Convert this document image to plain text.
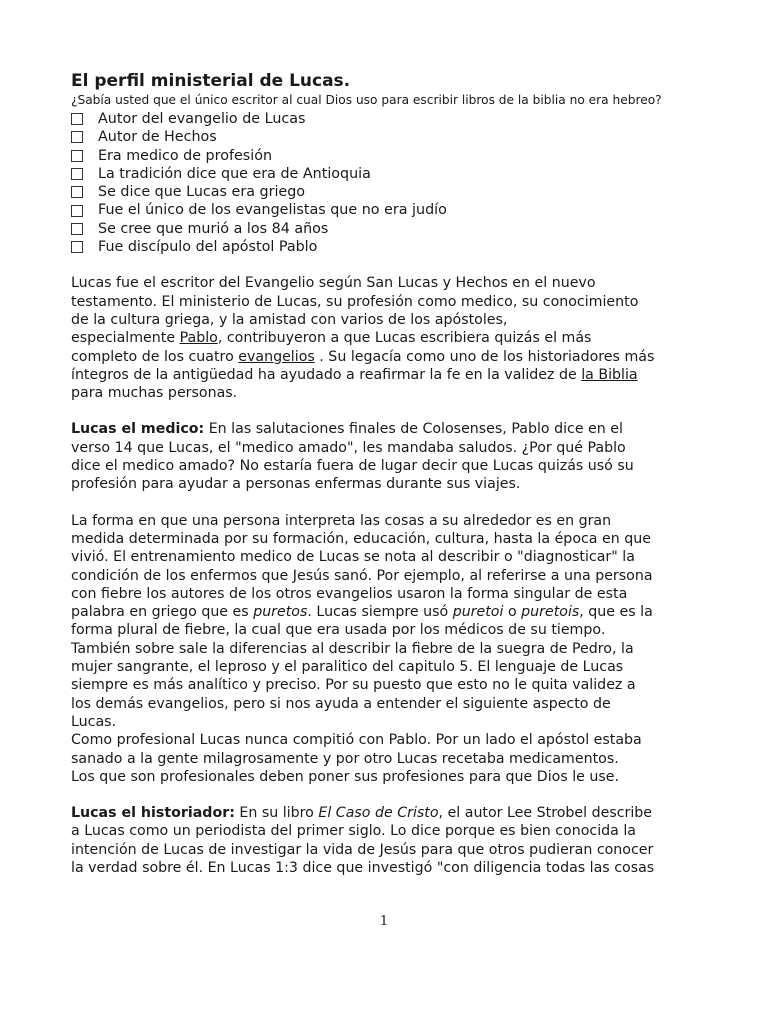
El perfil ministerial de Lucas.

¿Sabía usted que el único escritor al cual Dios uso para escribir libros de la biblia no era hebreo?

Autor del evangelio de Lucas
Autor de Hechos
Era medico de profesión
La tradición dice que era de Antioquia
Se dice que Lucas era griego
Fue el único de los evangelistas que no era judío
Se cree que murió a los 84 años
Fue discípulo del apóstol Pablo

Lucas fue el escritor del Evangelio según San Lucas y Hechos en el nuevo

testamento. El ministerio de Lucas, su profesión como medico, su conocimiento

de la cultura griega, y la amistad con varios de los apóstoles,

especialmente Pablo, contribuyeron a que Lucas escribiera quizás el más

completo de los cuatro evangelios . Su legacía como uno de los historiadores más

íntegros de la antigüedad ha ayudado a reafirmar la fe en la validez de la Biblia

para muchas personas.

Lucas el medico: En las salutaciones finales de Colosenses, Pablo dice en el

verso 14 que Lucas, el "medico amado", les mandaba saludos. ¿Por qué Pablo

dice el medico amado? No estaría fuera de lugar decir que Lucas quizás usó su

profesión para ayudar a personas enfermas durante sus viajes.

La forma en que una persona interpreta las cosas a su alrededor es en gran

medida determinada por su formación, educación, cultura, hasta la época en que

vivió. El entrenamiento medico de Lucas se nota al describir o "diagnosticar" la

condición de los enfermos que Jesús sanó. Por ejemplo, al referirse a una persona

con fiebre los autores de los otros evangelios usaron la forma singular de esta

palabra en griego que es puretos. Lucas siempre usó puretoi o puretois, que es la

forma plural de fiebre, la cual que era usada por los médicos de su tiempo.

También sobre sale la diferencias al describir la fiebre de la suegra de Pedro, la

mujer sangrante, el leproso y el paralitico del capitulo 5. El lenguaje de Lucas

siempre es más analítico y preciso. Por su puesto que esto no le quita validez a

los demás evangelios, pero si nos ayuda a entender el siguiente aspecto de

Lucas.

Como profesional Lucas nunca compitió con Pablo. Por un lado el apóstol estaba

sanado a la gente milagrosamente y por otro Lucas recetaba medicamentos.

Los que son profesionales deben poner sus profesiones para que Dios le use.

Lucas el historiador: En su libro El Caso de Cristo, el autor Lee Strobel describe

a Lucas como un periodista del primer siglo. Lo dice porque es bien conocida la

intención de Lucas de investigar la vida de Jesús para que otros pudieran conocer

la verdad sobre él. En Lucas 1:3 dice que investigó "con diligencia todas las cosas

1
